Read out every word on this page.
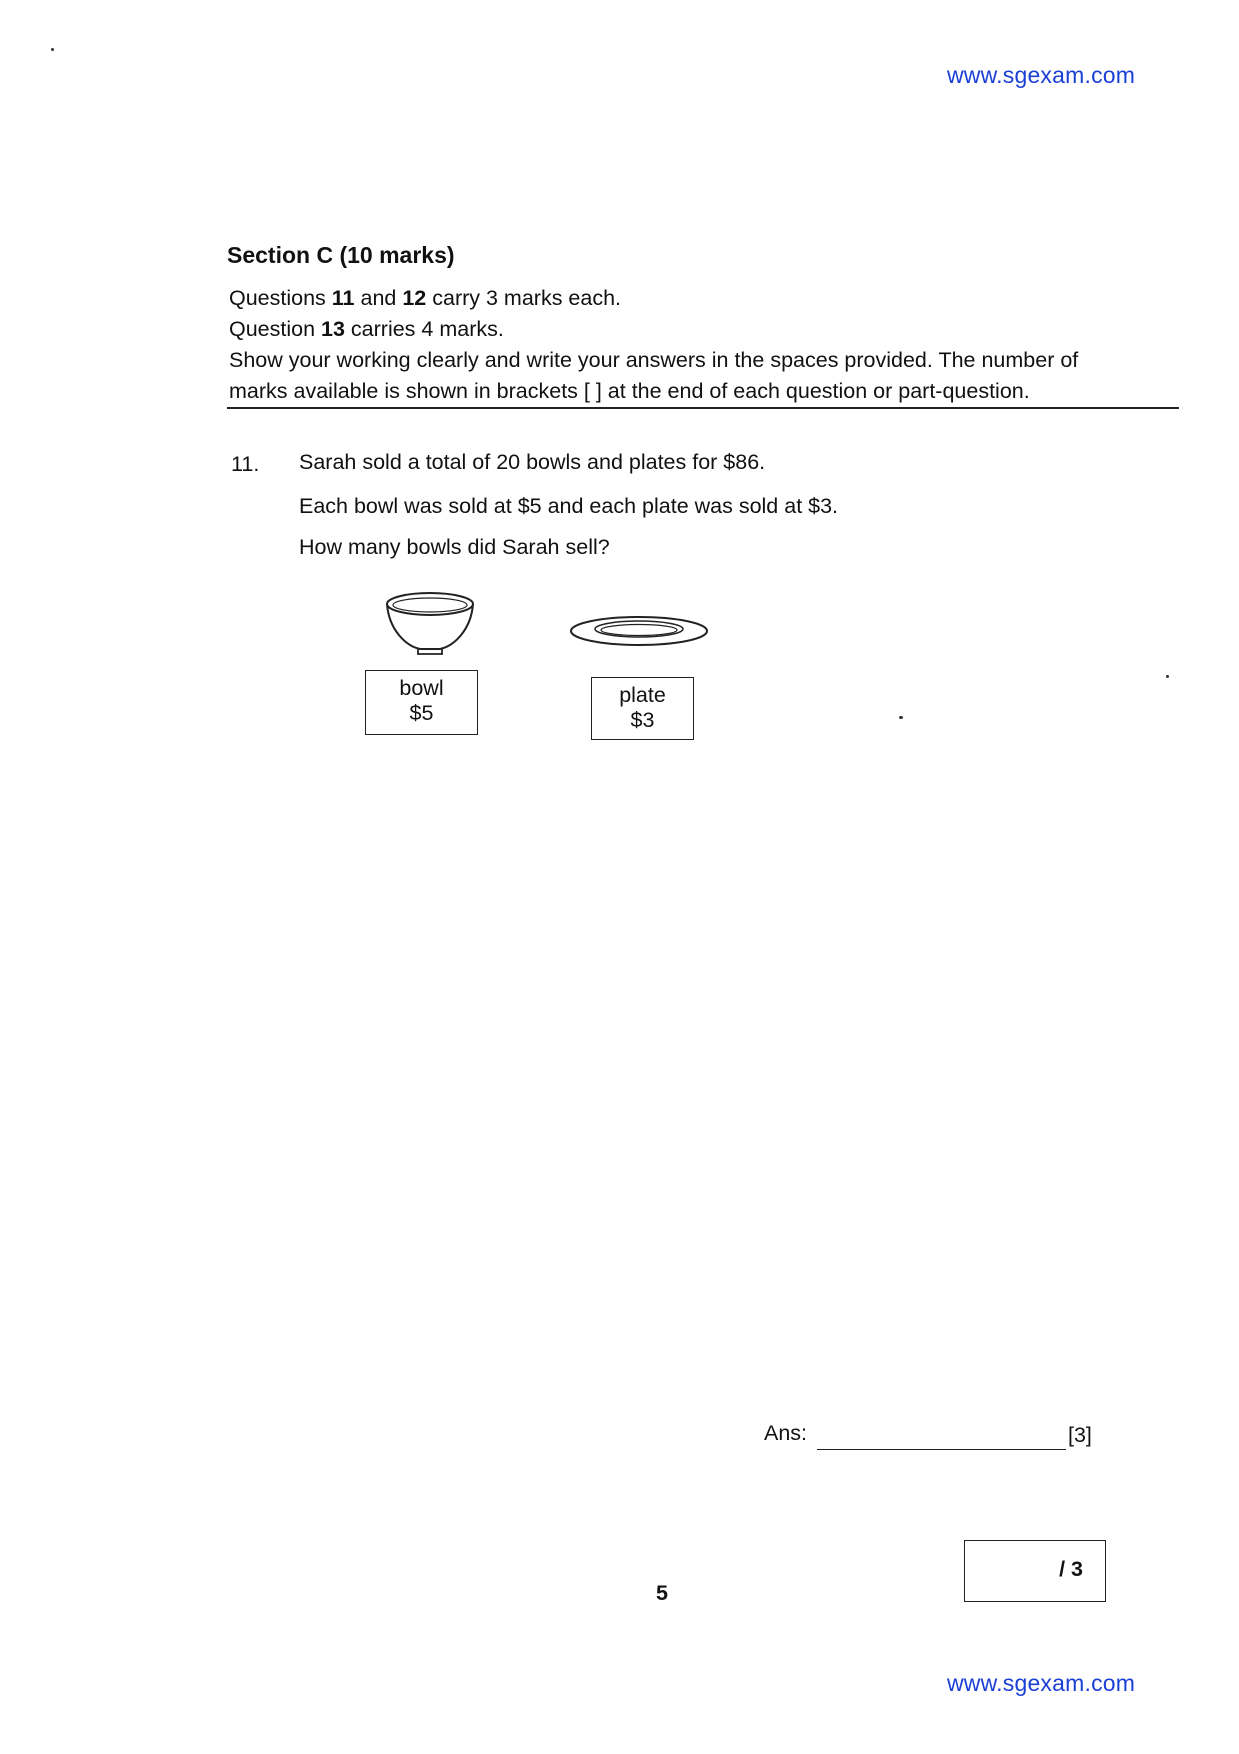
www.sgexam.com
Section C (10 marks)
Questions 11 and 12 carry 3 marks each.
Question 13 carries 4 marks.
Show your working clearly and write your answers in the spaces provided. The number of
marks available is shown in brackets [ ] at the end of each question or part-question.
11. Sarah sold a total of 20 bowls and plates for $86.
Each bowl was sold at $5 and each plate was sold at $3.
How many bowls did Sarah sell?
bowl
$5
plate
$3
Ans:	[3]
/ 3
5
www.sgexam.com
